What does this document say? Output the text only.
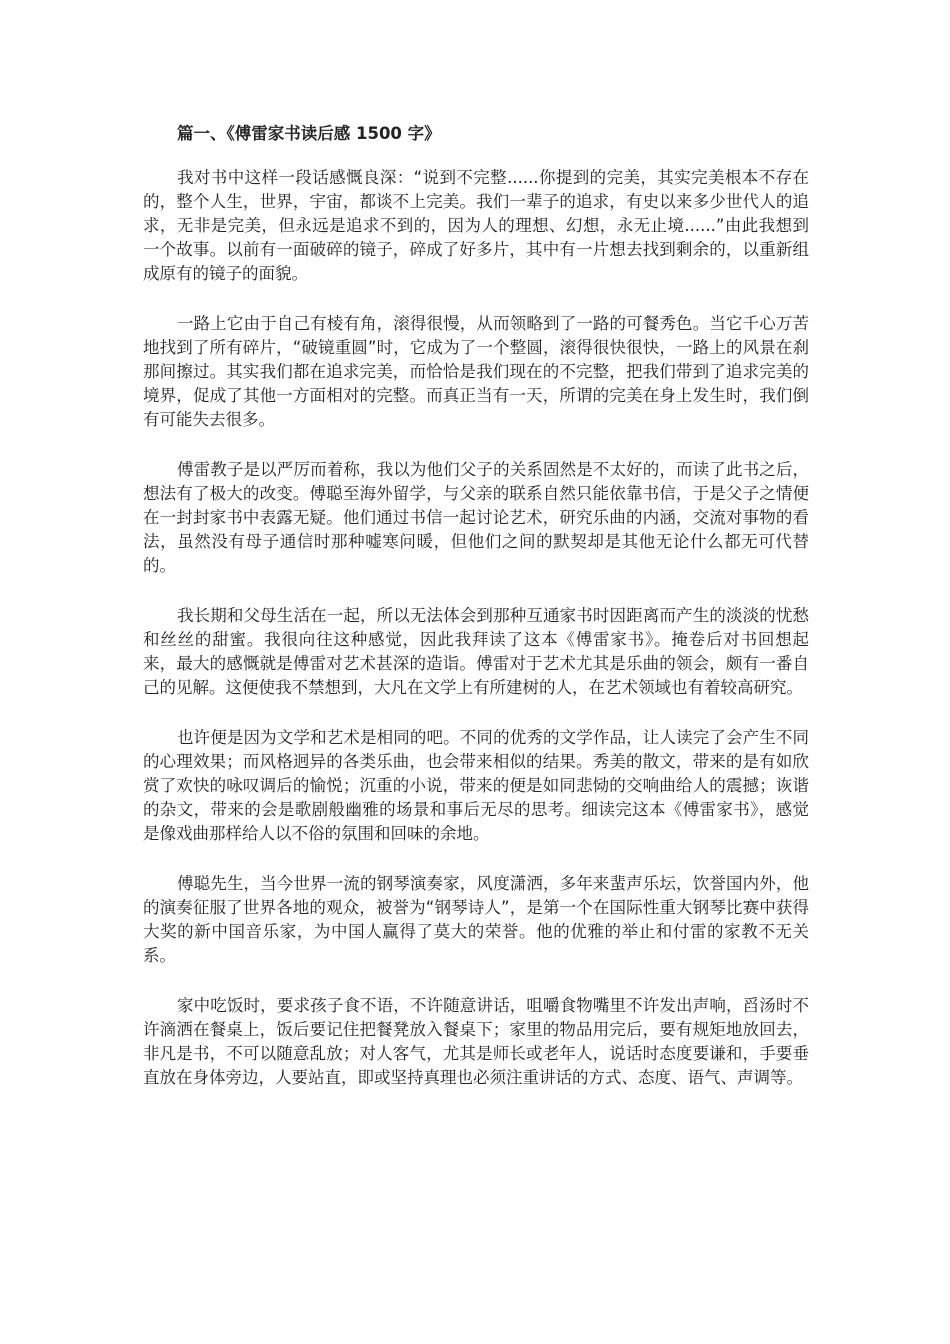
篇一、《傅雷家书读后感 1500 字》

我对书中这样一段话感慨良深：“说到不完整......你提到的完美，其实完美根本不存在的，整个人生，世界，宇宙，都谈不上完美。我们一辈子的追求，有史以来多少世代人的追求，无非是完美，但永远是追求不到的，因为人的理想、幻想，永无止境......”由此我想到一个故事。以前有一面破碎的镜子，碎成了好多片，其中有一片想去找到剩余的，以重新组成原有的镜子的面貌。

一路上它由于自己有棱有角，滚得很慢，从而领略到了一路的可餐秀色。当它千心万苦地找到了所有碎片，“破镜重圆”时，它成为了一个整圆，滚得很快很快，一路上的风景在刹那间擦过。其实我们都在追求完美，而恰恰是我们现在的不完整，把我们带到了追求完美的境界，促成了其他一方面相对的完整。而真正当有一天，所谓的完美在身上发生时，我们倒有可能失去很多。

傅雷教子是以严厉而着称，我以为他们父子的关系固然是不太好的，而读了此书之后，想法有了极大的改变。傅聪至海外留学，与父亲的联系自然只能依靠书信，于是父子之情便在一封封家书中表露无疑。他们通过书信一起讨论艺术，研究乐曲的内涵，交流对事物的看法，虽然没有母子通信时那种嘘寒问暖，但他们之间的默契却是其他无论什么都无可代替的。

我长期和父母生活在一起，所以无法体会到那种互通家书时因距离而产生的淡淡的忧愁和丝丝的甜蜜。我很向往这种感觉，因此我拜读了这本《傅雷家书》。掩卷后对书回想起来，最大的感慨就是傅雷对艺术甚深的造诣。傅雷对于艺术尤其是乐曲的领会，颇有一番自己的见解。这便使我不禁想到，大凡在文学上有所建树的人，在艺术领域也有着较高研究。

也许便是因为文学和艺术是相同的吧。不同的优秀的文学作品，让人读完了会产生不同的心理效果；而风格迥异的各类乐曲，也会带来相似的结果。秀美的散文，带来的是有如欣赏了欢快的咏叹调后的愉悦；沉重的小说，带来的便是如同悲恸的交响曲给人的震撼；诙谐的杂文，带来的会是歌剧般幽雅的场景和事后无尽的思考。细读完这本《傅雷家书》，感觉是像戏曲那样给人以不俗的氛围和回味的余地。

傅聪先生，当今世界一流的钢琴演奏家，风度潇洒，多年来蜚声乐坛，饮誉国内外，他的演奏征服了世界各地的观众，被誉为“钢琴诗人”，是第一个在国际性重大钢琴比赛中获得大奖的新中国音乐家，为中国人赢得了莫大的荣誉。他的优雅的举止和付雷的家教不无关系。

家中吃饭时，要求孩子食不语，不许随意讲话，咀嚼食物嘴里不许发出声响，舀汤时不许滴洒在餐桌上，饭后要记住把餐凳放入餐桌下；家里的物品用完后，要有规矩地放回去，非凡是书，不可以随意乱放；对人客气，尤其是师长或老年人，说话时态度要谦和，手要垂直放在身体旁边，人要站直，即或坚持真理也必须注重讲话的方式、态度、语气、声调等。
